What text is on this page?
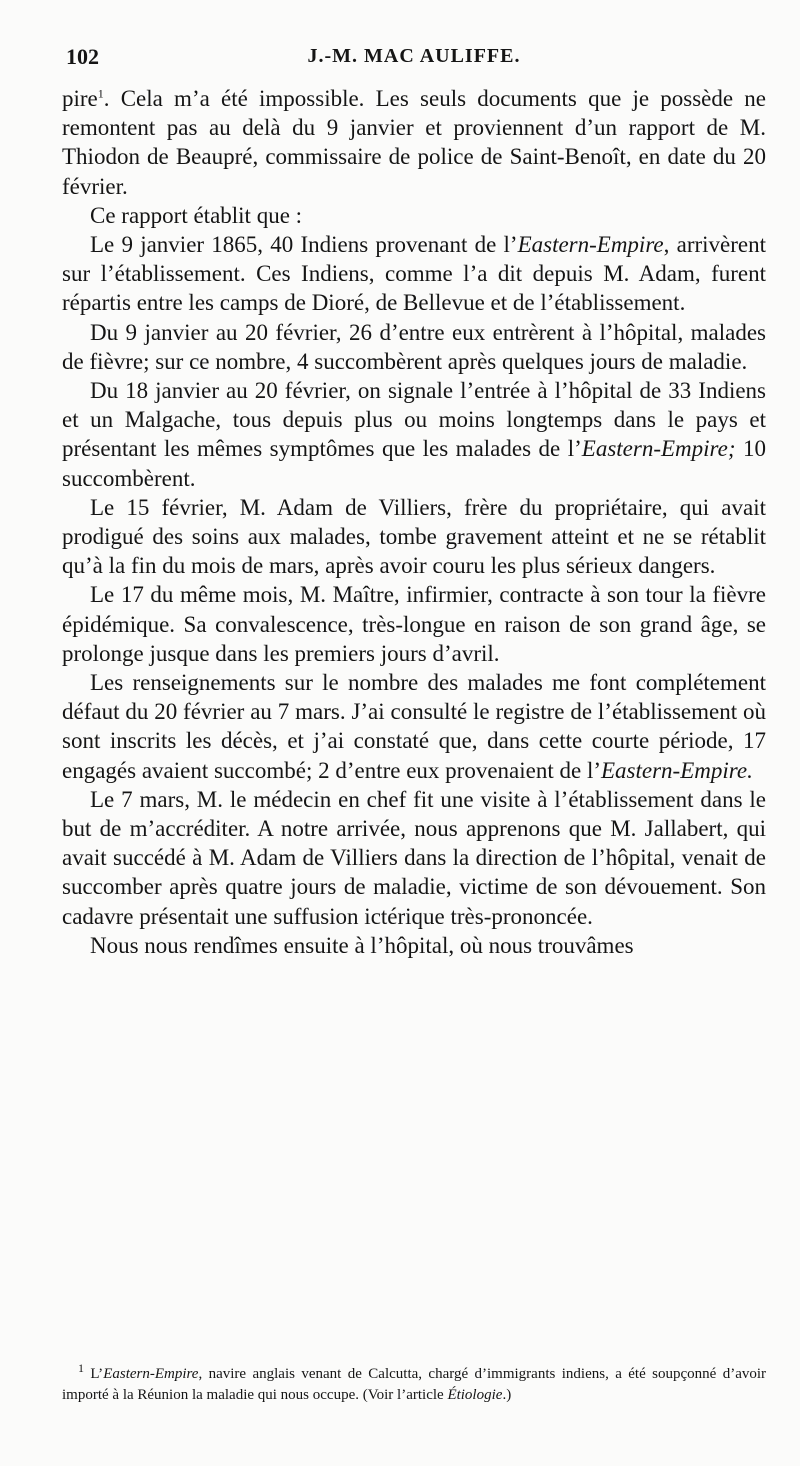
102	J.-M. MAC AULIFFE.

pire$^1$. Cela m’a été impossible. Les seuls documents que je possède ne remontent pas au delà du 9 janvier et proviennent d’un rapport de M. Thiodon de Beaupré, commissaire de police de Saint-Benoît, en date du 20 février.

Ce rapport établit que :

Le 9 janvier 1865, 40 Indiens provenant de l’Eastern-Empire, arrivèrent sur l’établissement. Ces Indiens, comme l’a dit depuis M. Adam, furent répartis entre les camps de Dioré, de Bellevue et de l’établissement.

Du 9 janvier au 20 février, 26 d’entre eux entrèrent à l’hôpital, malades de fièvre; sur ce nombre, 4 succombèrent après quelques jours de maladie.

Du 18 janvier au 20 février, on signale l’entrée à l’hôpital de 33 Indiens et un Malgache, tous depuis plus ou moins longtemps dans le pays et présentant les mêmes symptômes que les malades de l’Eastern-Empire; 10 succombèrent.

Le 15 février, M. Adam de Villiers, frère du propriétaire, qui avait prodigué des soins aux malades, tombe gravement atteint et ne se rétablit qu’à la fin du mois de mars, après avoir couru les plus sérieux dangers.

Le 17 du même mois, M. Maître, infirmier, contracte à son tour la fièvre épidémique. Sa convalescence, très-longue en raison de son grand âge, se prolonge jusque dans les premiers jours d’avril.

Les renseignements sur le nombre des malades me font complétement défaut du 20 février au 7 mars. J’ai consulté le registre de l’établissement où sont inscrits les décès, et j’ai constaté que, dans cette courte période, 17 engagés avaient succombé; 2 d’entre eux provenaient de l’Eastern-Empire.

Le 7 mars, M. le médecin en chef fit une visite à l’établissement dans le but de m’accréditer. A notre arrivée, nous apprenons que M. Jallabert, qui avait succédé à M. Adam de Villiers dans la direction de l’hôpital, venait de succomber après quatre jours de maladie, victime de son dévouement. Son cadavre présentait une suffusion ictérique très-prononcée.

Nous nous rendîmes ensuite à l’hôpital, où nous trouvâmes

$^1$ L’Eastern-Empire, navire anglais venant de Calcutta, chargé d’immigrants indiens, a été soupçonné d’avoir importé à la Réunion la maladie qui nous occupe. (Voir l’article Étiologie.)
